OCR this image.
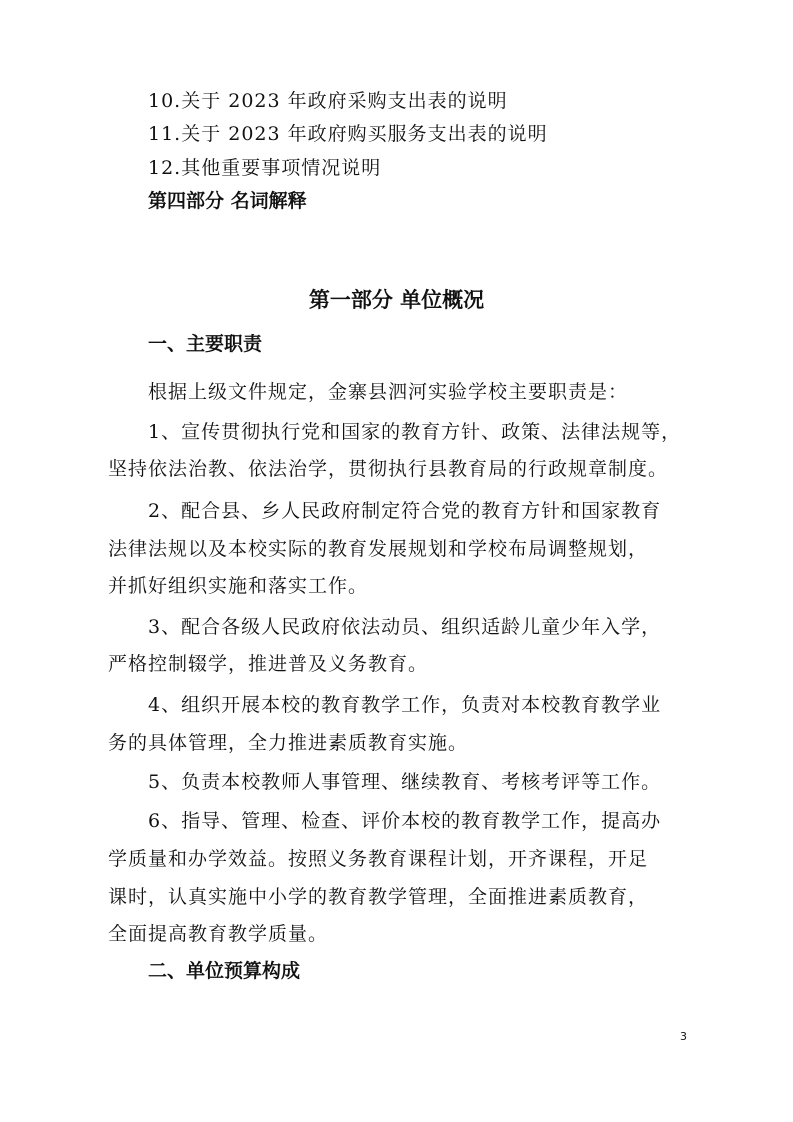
10.关于 2023 年政府采购支出表的说明
11.关于 2023 年政府购买服务支出表的说明
12.其他重要事项情况说明
第四部分 名词解释
第一部分 单位概况
一、主要职责
根据上级文件规定，金寨县泗河实验学校主要职责是：
1、宣传贯彻执行党和国家的教育方针、政策、法律法规等，
坚持依法治教、依法治学，贯彻执行县教育局的行政规章制度。
2、配合县、乡人民政府制定符合党的教育方针和国家教育
法律法规以及本校实际的教育发展规划和学校布局调整规划，
并抓好组织实施和落实工作。
3、配合各级人民政府依法动员、组织适龄儿童少年入学，
严格控制辍学，推进普及义务教育。
4、组织开展本校的教育教学工作，负责对本校教育教学业
务的具体管理，全力推进素质教育实施。
5、负责本校教师人事管理、继续教育、考核考评等工作。
6、指导、管理、检查、评价本校的教育教学工作，提高办
学质量和办学效益。按照义务教育课程计划，开齐课程，开足
课时，认真实施中小学的教育教学管理，全面推进素质教育，
全面提高教育教学质量。
二、单位预算构成
3
